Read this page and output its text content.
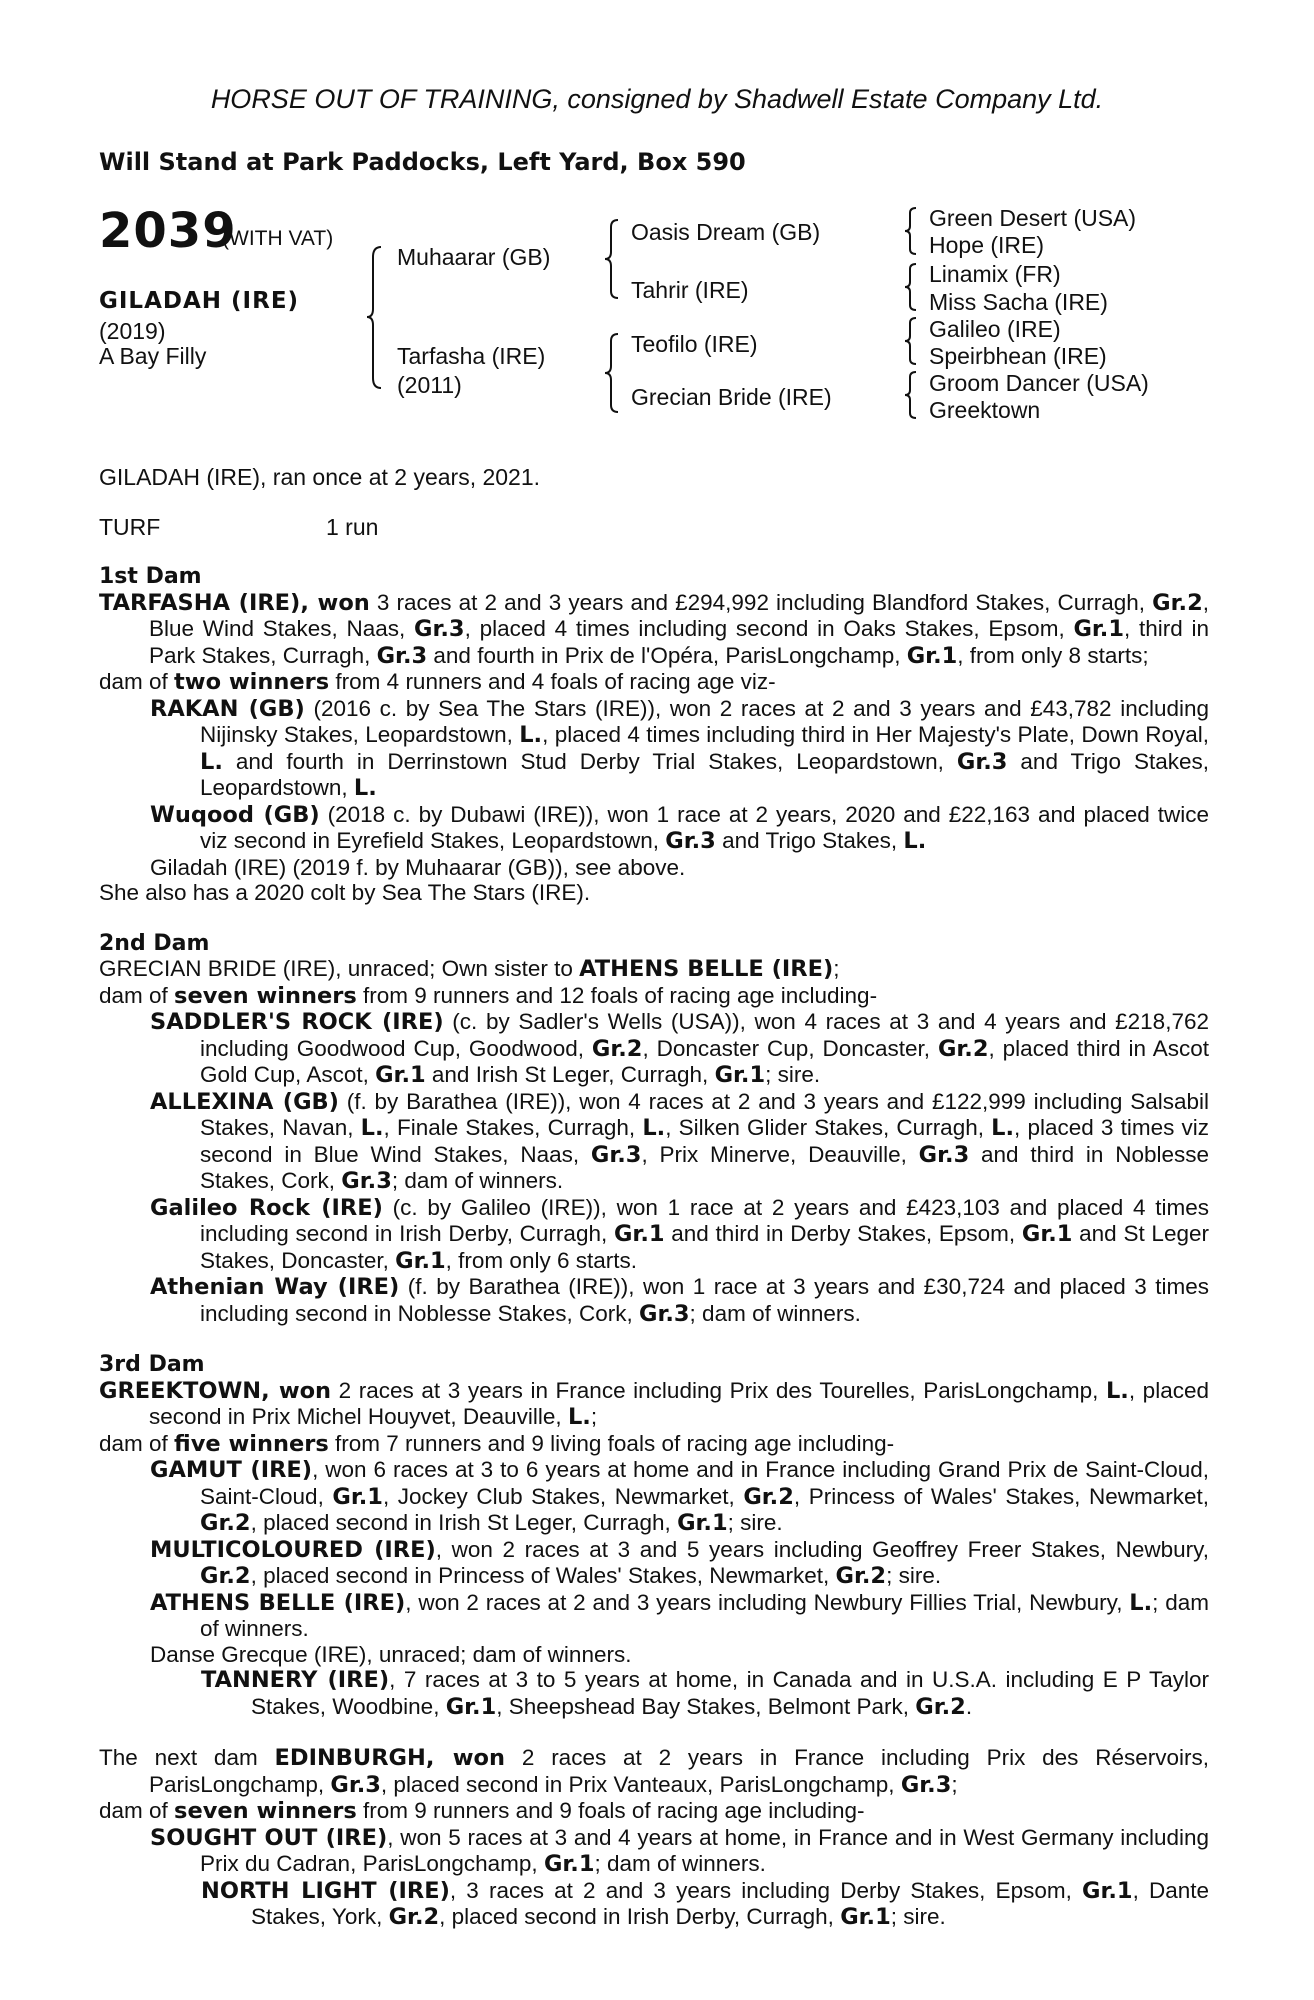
HORSE OUT OF TRAINING, consigned by Shadwell Estate Company Ltd.
Will Stand at Park Paddocks, Left Yard, Box 590
2039
(WITH VAT)
GILADAH (IRE)
(2019)
A Bay Filly
Muhaarar (GB)
Tarfasha (IRE)
(2011)
Oasis Dream (GB)
Tahrir (IRE)
Teofilo (IRE)
Grecian Bride (IRE)
Green Desert (USA)
Hope (IRE)
Linamix (FR)
Miss Sacha (IRE)
Galileo (IRE)
Speirbhean (IRE)
Groom Dancer (USA)
Greektown
GILADAH (IRE), ran once at 2 years, 2021.
TURF	1 run
1st Dam

TARFASHA (IRE), won 3 races at 2 and 3 years and £294,992 including Blandford Stakes, Curragh, Gr.2, Blue Wind Stakes, Naas, Gr.3, placed 4 times including second in Oaks Stakes, Epsom, Gr.1, third in Park Stakes, Curragh, Gr.3 and fourth in Prix de l'Opéra, ParisLongchamp, Gr.1, from only 8 starts;

dam of two winners from 4 runners and 4 foals of racing age viz-

RAKAN (GB) (2016 c. by Sea The Stars (IRE)), won 2 races at 2 and 3 years and £43,782 including Nijinsky Stakes, Leopardstown, L., placed 4 times including third in Her Majesty's Plate, Down Royal, L. and fourth in Derrinstown Stud Derby Trial Stakes, Leopardstown, Gr.3 and Trigo Stakes, Leopardstown, L.

Wuqood (GB) (2018 c. by Dubawi (IRE)), won 1 race at 2 years, 2020 and £22,163 and placed twice viz second in Eyrefield Stakes, Leopardstown, Gr.3 and Trigo Stakes, L.

Giladah (IRE) (2019 f. by Muhaarar (GB)), see above.

She also has a 2020 colt by Sea The Stars (IRE).

2nd Dam

GRECIAN BRIDE (IRE), unraced; Own sister to ATHENS BELLE (IRE);

dam of seven winners from 9 runners and 12 foals of racing age including-

SADDLER'S ROCK (IRE) (c. by Sadler's Wells (USA)), won 4 races at 3 and 4 years and £218,762 including Goodwood Cup, Goodwood, Gr.2, Doncaster Cup, Doncaster, Gr.2, placed third in Ascot Gold Cup, Ascot, Gr.1 and Irish St Leger, Curragh, Gr.1; sire.

ALLEXINA (GB) (f. by Barathea (IRE)), won 4 races at 2 and 3 years and £122,999 including Salsabil Stakes, Navan, L., Finale Stakes, Curragh, L., Silken Glider Stakes, Curragh, L., placed 3 times viz second in Blue Wind Stakes, Naas, Gr.3, Prix Minerve, Deauville, Gr.3 and third in Noblesse Stakes, Cork, Gr.3; dam of winners.

Galileo Rock (IRE) (c. by Galileo (IRE)), won 1 race at 2 years and £423,103 and placed 4 times including second in Irish Derby, Curragh, Gr.1 and third in Derby Stakes, Epsom, Gr.1 and St Leger Stakes, Doncaster, Gr.1, from only 6 starts.

Athenian Way (IRE) (f. by Barathea (IRE)), won 1 race at 3 years and £30,724 and placed 3 times including second in Noblesse Stakes, Cork, Gr.3; dam of winners.

3rd Dam

GREEKTOWN, won 2 races at 3 years in France including Prix des Tourelles, ParisLongchamp, L., placed second in Prix Michel Houyvet, Deauville, L.;

dam of five winners from 7 runners and 9 living foals of racing age including-

GAMUT (IRE), won 6 races at 3 to 6 years at home and in France including Grand Prix de Saint-Cloud, Saint-Cloud, Gr.1, Jockey Club Stakes, Newmarket, Gr.2, Princess of Wales' Stakes, Newmarket, Gr.2, placed second in Irish St Leger, Curragh, Gr.1; sire.

MULTICOLOURED (IRE), won 2 races at 3 and 5 years including Geoffrey Freer Stakes, Newbury, Gr.2, placed second in Princess of Wales' Stakes, Newmarket, Gr.2; sire.

ATHENS BELLE (IRE), won 2 races at 2 and 3 years including Newbury Fillies Trial, Newbury, L.; dam of winners.

Danse Grecque (IRE), unraced; dam of winners.

TANNERY (IRE), 7 races at 3 to 5 years at home, in Canada and in U.S.A. including E P Taylor Stakes, Woodbine, Gr.1, Sheepshead Bay Stakes, Belmont Park, Gr.2.

The next dam EDINBURGH, won 2 races at 2 years in France including Prix des Réservoirs, ParisLongchamp, Gr.3, placed second in Prix Vanteaux, ParisLongchamp, Gr.3;

dam of seven winners from 9 runners and 9 foals of racing age including-

SOUGHT OUT (IRE), won 5 races at 3 and 4 years at home, in France and in West Germany including Prix du Cadran, ParisLongchamp, Gr.1; dam of winners.

NORTH LIGHT (IRE), 3 races at 2 and 3 years including Derby Stakes, Epsom, Gr.1, Dante Stakes, York, Gr.2, placed second in Irish Derby, Curragh, Gr.1; sire.
